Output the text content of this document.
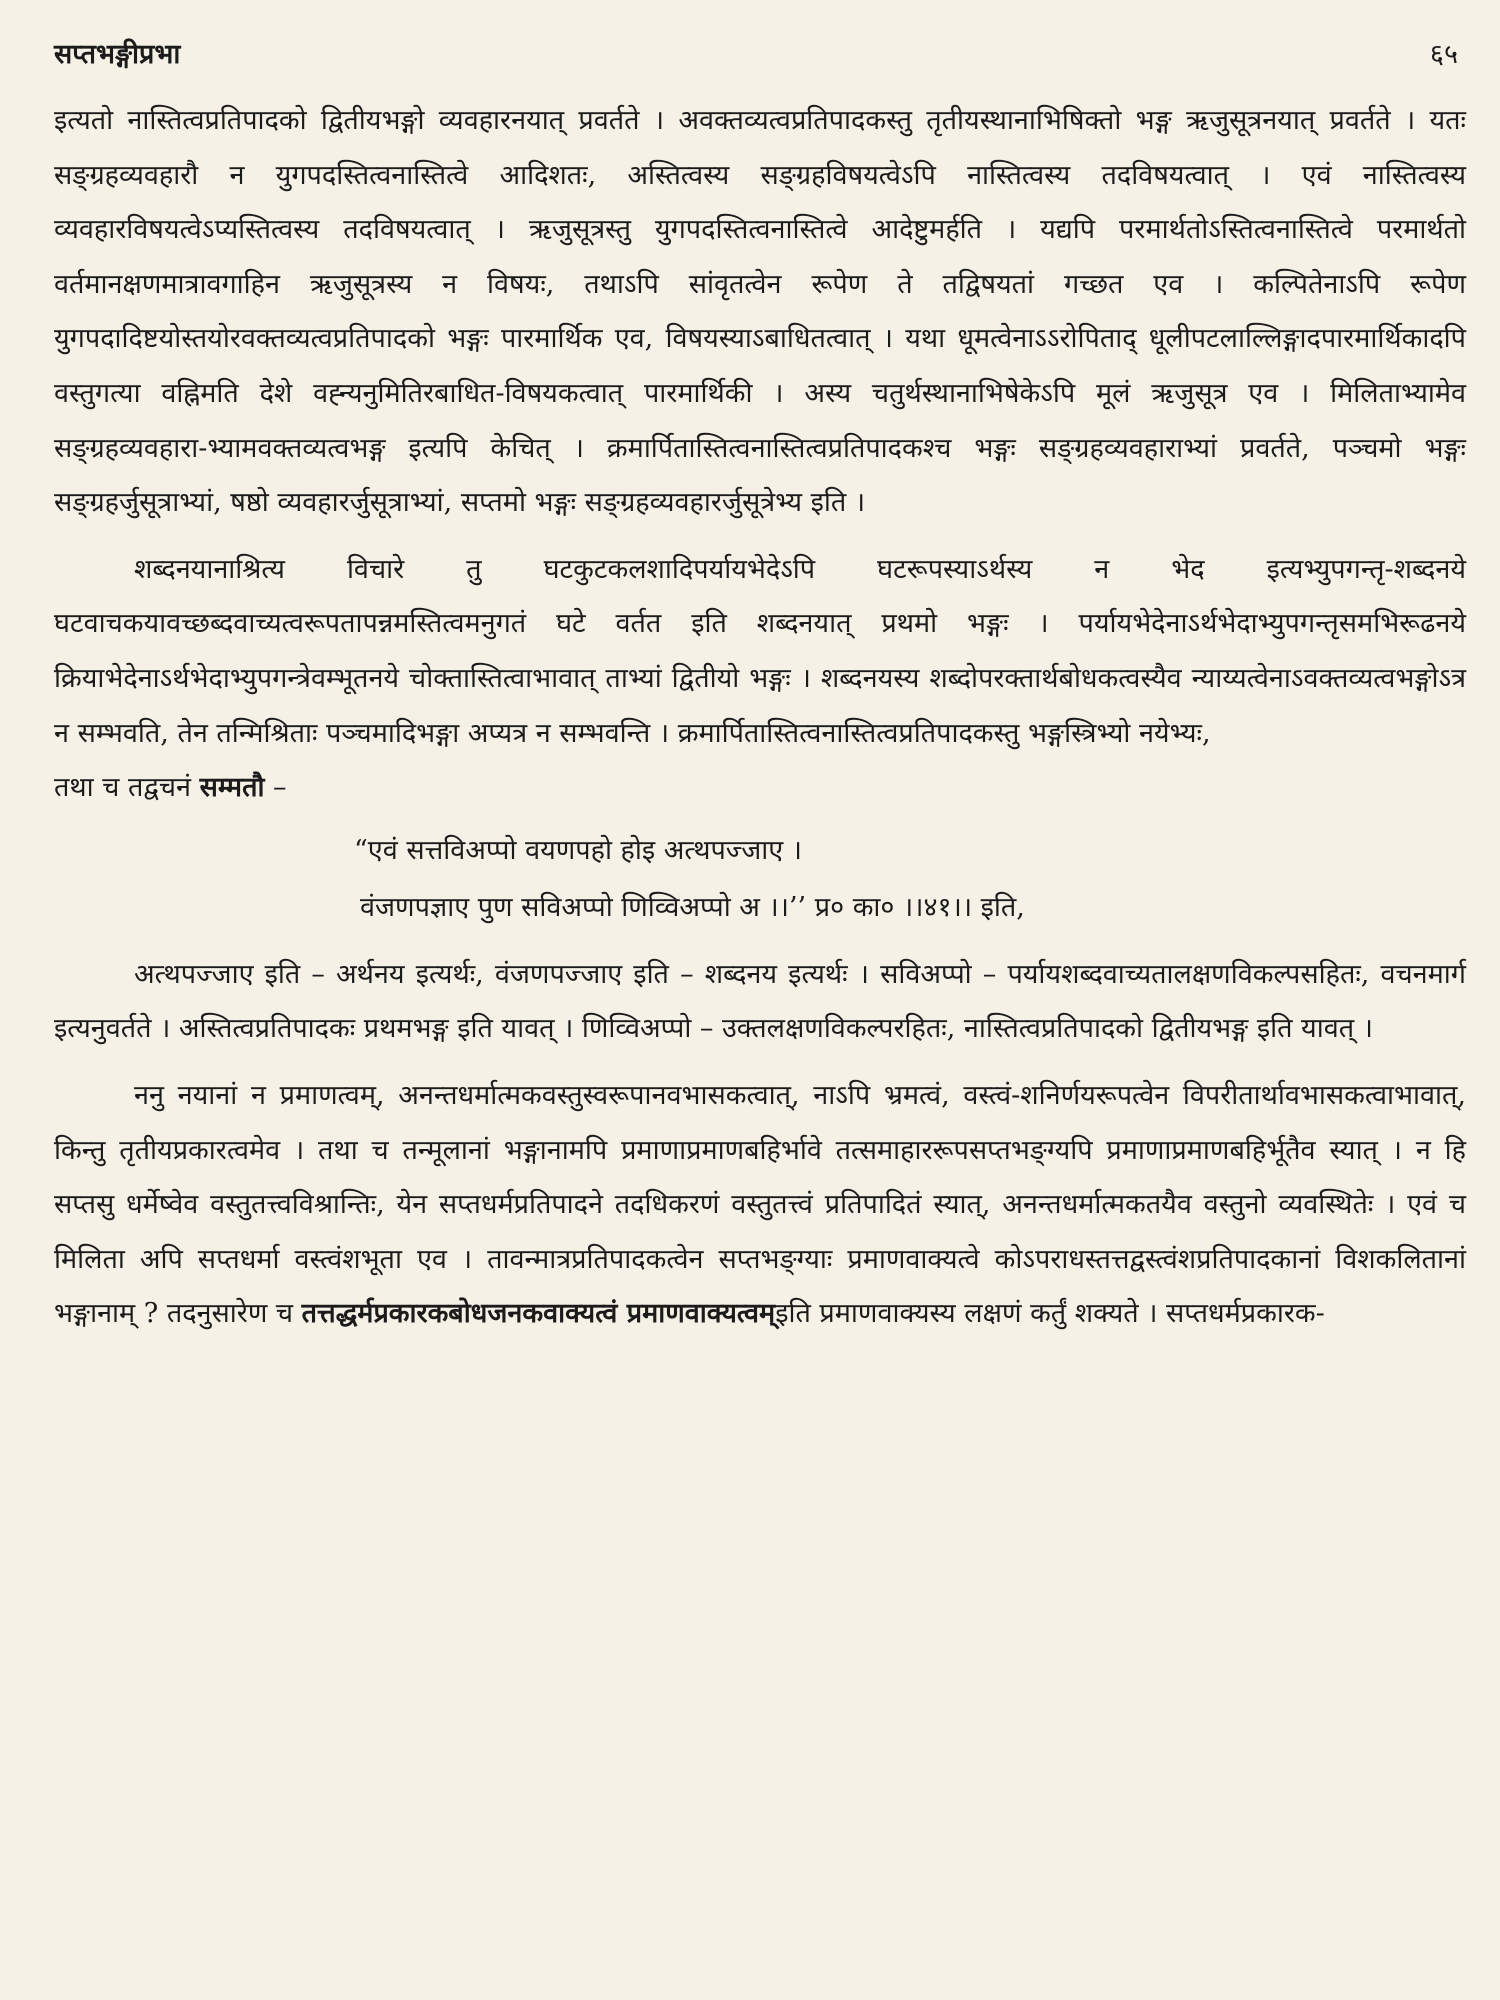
सप्तभङ्गीप्रभा	६५

इत्यतो नास्तित्वप्रतिपादको द्वितीयभङ्गो व्यवहारनयात् प्रवर्तते । अवक्तव्यत्वप्रतिपादकस्तु तृतीयस्थानाभिषिक्तो भङ्ग ऋजुसूत्रनयात् प्रवर्तते । यतः सङ्ग्रहव्यवहारौ न युगपदस्तित्वनास्तित्वे आदिशतः, अस्तित्वस्य सङ्ग्रहविषयत्वेऽपि नास्तित्वस्य तदविषयत्वात् । एवं नास्तित्वस्य व्यवहारविषयत्वेऽप्यस्तित्वस्य तदविषयत्वात् । ऋजुसूत्रस्तु युगपदस्तित्वनास्तित्वे आदेष्टुमर्हति । यद्यपि परमार्थतोऽस्तित्वनास्तित्वे परमार्थतो वर्तमानक्षणमात्रावगाहिन ऋजुसूत्रस्य न विषयः, तथाऽपि सांवृतत्वेन रूपेण ते तद्विषयतां गच्छत एव । कल्पितेनाऽपि रूपेण युगपदादिष्टयोस्तयोरवक्तव्यत्वप्रतिपादको भङ्गः पारमार्थिक एव, विषयस्याऽबाधितत्वात् । यथा धूमत्वेनाऽऽरोपिताद् धूलीपटलाल्लिङ्गादपारमार्थिकादपि वस्तुगत्या वह्निमति देशे वह्न्यनुमितिरबाधित-विषयकत्वात् पारमार्थिकी । अस्य चतुर्थस्थानाभिषेकेऽपि मूलं ऋजुसूत्र एव । मिलिताभ्यामेव सङ्ग्रहव्यवहारा-भ्यामवक्तव्यत्वभङ्ग इत्यपि केचित् । क्रमार्पितास्तित्वनास्तित्वप्रतिपादकश्च भङ्गः सङ्ग्रहव्यवहाराभ्यां प्रवर्तते, पञ्चमो भङ्गः सङ्ग्रहर्जुसूत्राभ्यां, षष्ठो व्यवहारर्जुसूत्राभ्यां, सप्तमो भङ्गः सङ्ग्रहव्यवहारर्जुसूत्रेभ्य इति ।

शब्दनयानाश्रित्य विचारे तु घटकुटकलशादिपर्यायभेदेऽपि घटरूपस्याऽर्थस्य न भेद इत्यभ्युपगन्तृ-शब्दनये घटवाचकयावच्छब्दवाच्यत्वरूपतापन्नमस्तित्वमनुगतं घटे वर्तत इति शब्दनयात् प्रथमो भङ्गः । पर्यायभेदेनाऽर्थभेदाभ्युपगन्तृसमभिरूढनये क्रियाभेदेनाऽर्थभेदाभ्युपगन्त्रेवम्भूतनये चोक्तास्तित्वाभावात् ताभ्यां द्वितीयो भङ्गः । शब्दनयस्य शब्दोपरक्तार्थबोधकत्वस्यैव न्याय्यत्वेनाऽवक्तव्यत्वभङ्गोऽत्र न सम्भवति, तेन तन्मिश्रिताः पञ्चमादिभङ्गा अप्यत्र न सम्भवन्ति । क्रमार्पितास्तित्वनास्तित्वप्रतिपादकस्तु भङ्गस्त्रिभ्यो नयेभ्यः,

तथा च तद्वचनं सम्मतौ –

“एवं सत्तविअप्पो वयणपहो होइ अत्थपज्जाए ।
वंजणपज्ञाए पुण सविअप्पो णिव्विअप्पो अ ।।’’ प्र० का० ।।४१।। इति,

अत्थपज्जाए इति – अर्थनय इत्यर्थः, वंजणपज्जाए इति – शब्दनय इत्यर्थः । सविअप्पो – पर्यायशब्दवाच्यतालक्षणविकल्पसहितः, वचनमार्ग इत्यनुवर्तते । अस्तित्वप्रतिपादकः प्रथमभङ्ग इति यावत् । णिव्विअप्पो – उक्तलक्षणविकल्परहितः, नास्तित्वप्रतिपादको द्वितीयभङ्ग इति यावत् ।

ननु नयानां न प्रमाणत्वम्, अनन्तधर्मात्मकवस्तुस्वरूपानवभासकत्वात्, नाऽपि भ्रमत्वं, वस्त्वं-शनिर्णयरूपत्वेन विपरीतार्थावभासकत्वाभावात्, किन्तु तृतीयप्रकारत्वमेव । तथा च तन्मूलानां भङ्गानामपि प्रमाणाप्रमाणबहिर्भावे तत्समाहाररूपसप्तभङ्ग्यपि प्रमाणाप्रमाणबहिर्भूतैव स्यात् । न हि सप्तसु धर्मेष्वेव वस्तुतत्त्वविश्रान्तिः, येन सप्तधर्मप्रतिपादने तदधिकरणं वस्तुतत्त्वं प्रतिपादितं स्यात्, अनन्तधर्मात्मकतयैव वस्तुनो व्यवस्थितेः । एवं च मिलिता अपि सप्तधर्मा वस्त्वंशभूता एव । तावन्मात्रप्रतिपादकत्वेन सप्तभङ्ग्याः प्रमाणवाक्यत्वे कोऽपराधस्तत्तद्वस्त्वंशप्रतिपादकानां विशकलितानां भङ्गानाम् ? तदनुसारेण च तत्तद्धर्मप्रकारकबोधजनकवाक्यत्वं प्रमाणवाक्यत्वम्इति प्रमाणवाक्यस्य लक्षणं कर्तुं शक्यते । सप्तधर्मप्रकारक-
